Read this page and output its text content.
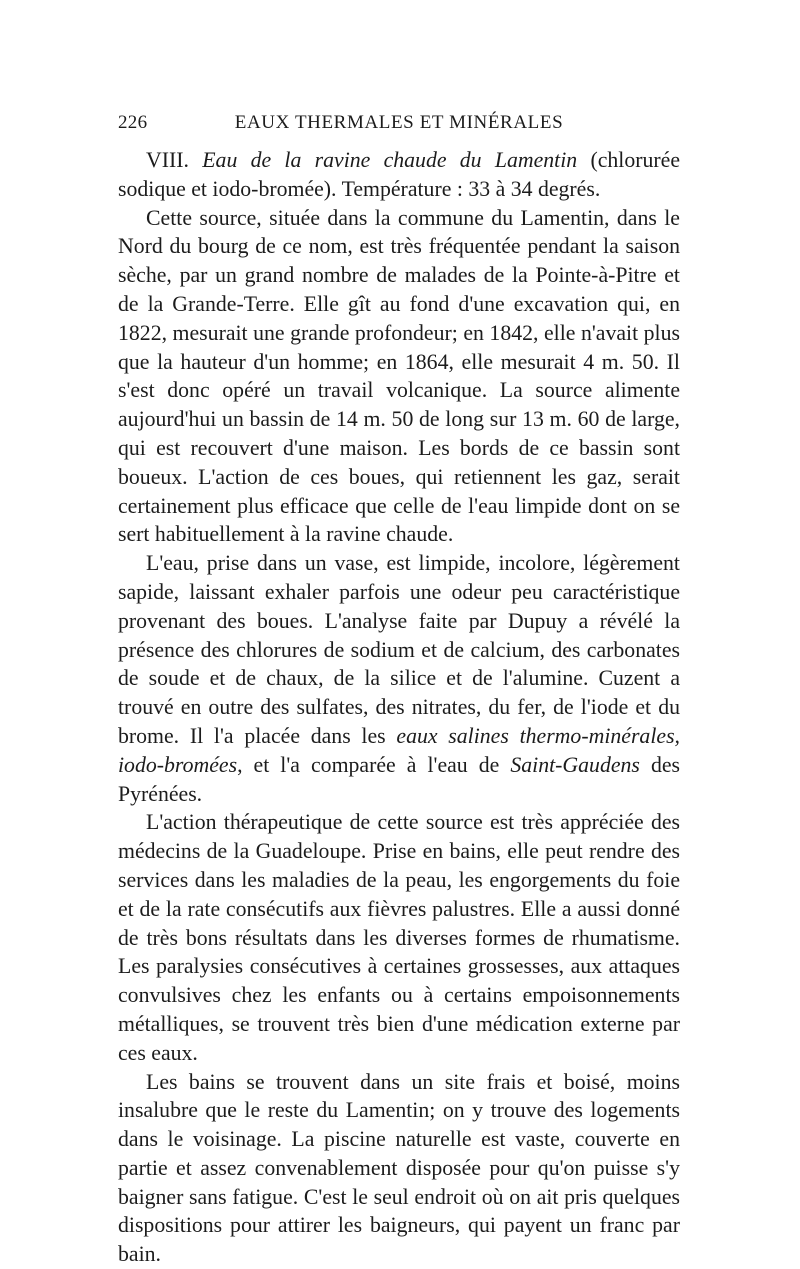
226	EAUX THERMALES ET MINÉRALES

VIII. Eau de la ravine chaude du Lamentin (chlorurée sodique et iodo-bromée). Température : 33 à 34 degrés.

Cette source, située dans la commune du Lamentin, dans le Nord du bourg de ce nom, est très fréquentée pendant la saison sèche, par un grand nombre de malades de la Pointe-à-Pitre et de la Grande-Terre. Elle gît au fond d'une excavation qui, en 1822, mesurait une grande profondeur; en 1842, elle n'avait plus que la hauteur d'un homme; en 1864, elle mesurait 4 m. 50. Il s'est donc opéré un travail volcanique. La source alimente aujourd'hui un bassin de 14 m. 50 de long sur 13 m. 60 de large, qui est recouvert d'une maison. Les bords de ce bassin sont boueux. L'action de ces boues, qui retiennent les gaz, serait certainement plus efficace que celle de l'eau limpide dont on se sert habituellement à la ravine chaude.

L'eau, prise dans un vase, est limpide, incolore, légèrement sapide, laissant exhaler parfois une odeur peu caractéristique provenant des boues. L'analyse faite par Dupuy a révélé la présence des chlorures de sodium et de calcium, des carbonates de soude et de chaux, de la silice et de l'alumine. Cuzent a trouvé en outre des sulfates, des nitrates, du fer, de l'iode et du brome. Il l'a placée dans les eaux salines thermo-minérales, iodo-bromées, et l'a comparée à l'eau de Saint-Gaudens des Pyrénées.

L'action thérapeutique de cette source est très appréciée des médecins de la Guadeloupe. Prise en bains, elle peut rendre des services dans les maladies de la peau, les engorgements du foie et de la rate consécutifs aux fièvres palustres. Elle a aussi donné de très bons résultats dans les diverses formes de rhumatisme. Les paralysies consécutives à certaines grossesses, aux attaques convulsives chez les enfants ou à certains empoisonnements métalliques, se trouvent très bien d'une médication externe par ces eaux.

Les bains se trouvent dans un site frais et boisé, moins insalubre que le reste du Lamentin; on y trouve des logements dans le voisinage. La piscine naturelle est vaste, couverte en partie et assez convenablement disposée pour qu'on puisse s'y baigner sans fatigue. C'est le seul endroit où on ait pris quelques dispositions pour attirer les baigneurs, qui payent un franc par bain.
